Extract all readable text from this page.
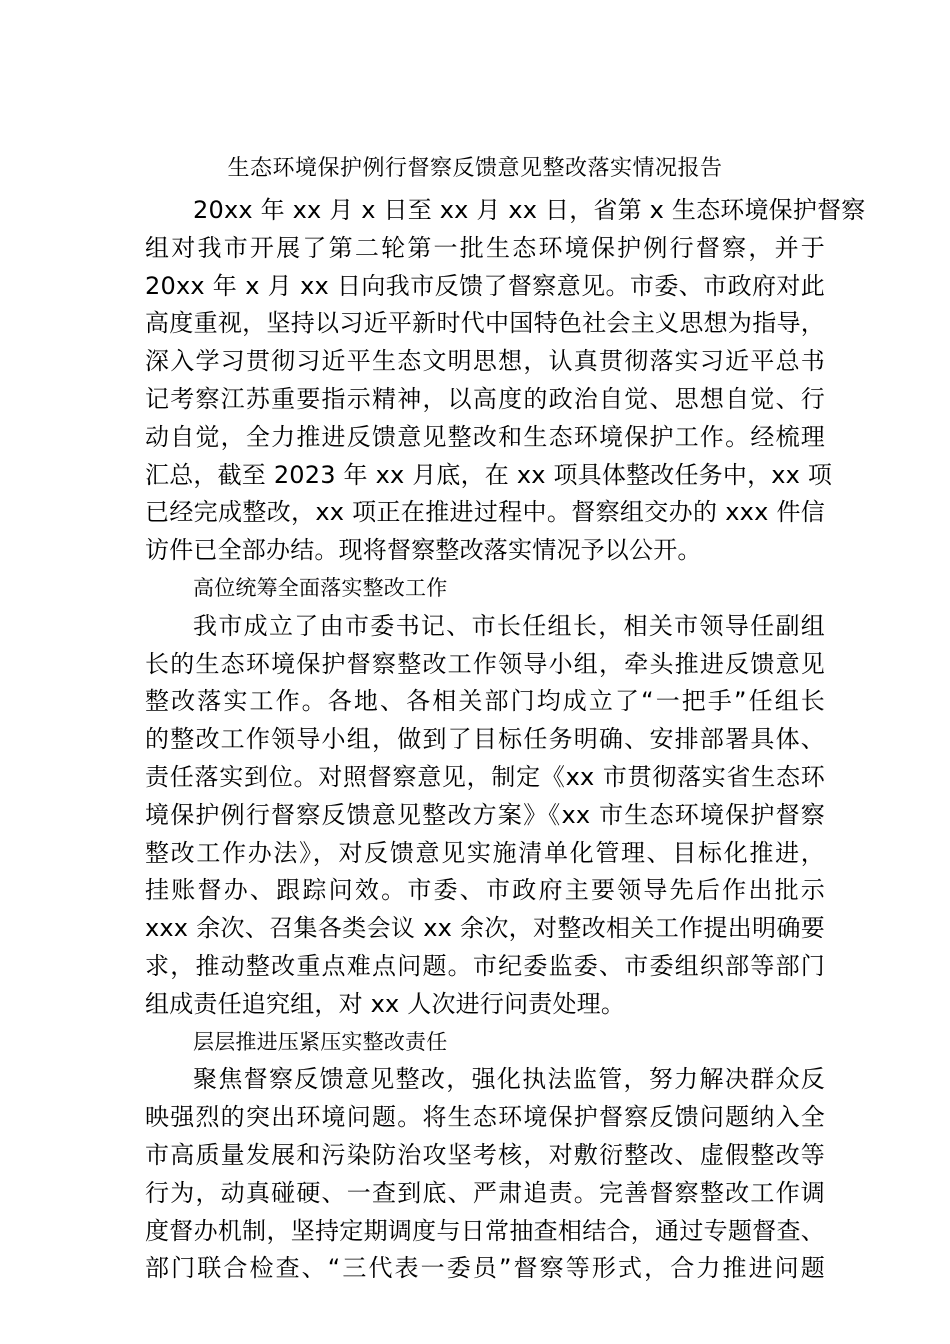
生态环境保护例行督察反馈意见整改落实情况报告
20xx 年 xx 月 x 日至 xx 月 xx 日，省第 x 生态环境保护督察
组对我市开展了第二轮第一批生态环境保护例行督察，并于
20xx 年 x 月 xx 日向我市反馈了督察意见。市委、市政府对此
高度重视，坚持以习近平新时代中国特色社会主义思想为指导，
深入学习贯彻习近平生态文明思想，认真贯彻落实习近平总书
记考察江苏重要指示精神，以高度的政治自觉、思想自觉、行
动自觉，全力推进反馈意见整改和生态环境保护工作。经梳理
汇总，截至 2023 年 xx 月底，在 xx 项具体整改任务中，xx 项
已经完成整改，xx 项正在推进过程中。督察组交办的 xxx 件信
访件已全部办结。现将督察整改落实情况予以公开。
高位统筹全面落实整改工作
我市成立了由市委书记、市长任组长，相关市领导任副组
长的生态环境保护督察整改工作领导小组，牵头推进反馈意见
整改落实工作。各地、各相关部门均成立了“一把手”任组长
的整改工作领导小组，做到了目标任务明确、安排部署具体、
责任落实到位。对照督察意见，制定《xx 市贯彻落实省生态环
境保护例行督察反馈意见整改方案》《xx 市生态环境保护督察
整改工作办法》，对反馈意见实施清单化管理、目标化推进，
挂账督办、跟踪问效。市委、市政府主要领导先后作出批示
xxx 余次、召集各类会议 xx 余次，对整改相关工作提出明确要
求，推动整改重点难点问题。市纪委监委、市委组织部等部门
组成责任追究组，对 xx 人次进行问责处理。
层层推进压紧压实整改责任
聚焦督察反馈意见整改，强化执法监管，努力解决群众反
映强烈的突出环境问题。将生态环境保护督察反馈问题纳入全
市高质量发展和污染防治攻坚考核，对敷衍整改、虚假整改等
行为，动真碰硬、一查到底、严肃追责。完善督察整改工作调
度督办机制，坚持定期调度与日常抽查相结合，通过专题督查、
部门联合检查、“三代表一委员”督察等形式，合力推进问题
